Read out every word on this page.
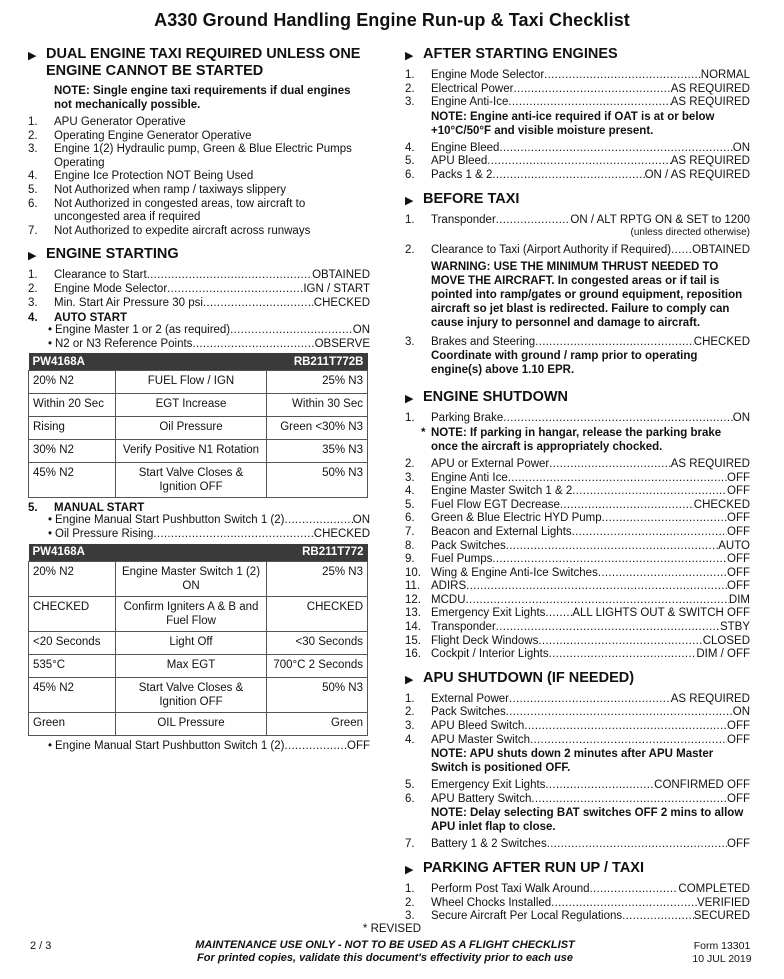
A330 Ground Handling Engine Run-up & Taxi Checklist
▶ DUAL ENGINE TAXI REQUIRED UNLESS ONE ENGINE CANNOT BE STARTED
NOTE: Single engine taxi requirements if dual engines not mechanically possible.
1.	APU Generator Operative
2.	Operating Engine Generator Operative
3.	Engine 1(2) Hydraulic pump, Green & Blue Electric Pumps Operating
4.	Engine Ice Protection NOT Being Used
5.	Not Authorized when ramp / taxiways slippery
6.	Not Authorized in congested areas, tow aircraft to uncongested area if required
7.	Not Authorized to expedite aircraft across runways
▶ ENGINE STARTING
1.	Clearance to Start .....	OBTAINED
2.	Engine Mode Selector .....	IGN / START
3.	Min. Start Air Pressure 30 psi .....	CHECKED
4.	AUTO START
• Engine Master 1 or 2 (as required) .....	ON
• N2 or N3 Reference Points .....	OBSERVE
PW4168A		RB211T772B
20% N2	FUEL Flow / IGN	25% N3
Within 20 Sec	EGT Increase	Within 30 Sec
Rising	Oil Pressure	Green <30% N3
30% N2	Verify Positive N1 Rotation	35% N3
45% N2	Start Valve Closes & Ignition OFF	50% N3
5.	MANUAL START
• Engine Manual Start Pushbutton Switch 1 (2) .....	ON
• Oil Pressure Rising .....	CHECKED
PW4168A		RB211T772
20% N2	Engine Master Switch 1 (2) ON	25% N3
CHECKED	Confirm Igniters A & B and Fuel Flow	CHECKED
<20 Seconds	Light Off	<30 Seconds
535°C	Max EGT	700°C 2 Seconds
45% N2	Start Valve Closes & Ignition OFF	50% N3
Green	OIL Pressure	Green
• Engine Manual Start Pushbutton Switch 1 (2) .....	OFF
▶ AFTER STARTING ENGINES
1.	Engine Mode Selector .....	NORMAL
2.	Electrical Power .....	AS REQUIRED
3.	Engine Anti-Ice .....	AS REQUIRED
NOTE: Engine anti-ice required if OAT is at or below +10°C/50°F and visible moisture present.
4.	Engine Bleed .....	ON
5.	APU Bleed .....	AS REQUIRED
6.	Packs 1 & 2 .....	ON / AS REQUIRED
▶ BEFORE TAXI
1.	Transponder .....	ON / ALT RPTG ON & SET to 1200
(unless directed otherwise)
2.	Clearance to Taxi (Airport Authority if Required) ..... OBTAINED
WARNING: USE THE MINIMUM THRUST NEEDED TO MOVE THE AIRCRAFT. In congested areas or if tail is pointed into ramp/gates or ground equipment, reposition aircraft so jet blast is redirected. Failure to comply can cause injury to personnel and damage to aircraft.
3.	Brakes and Steering .....	CHECKED
Coordinate with ground / ramp prior to operating engine(s) above 1.10 EPR.
▶ ENGINE SHUTDOWN
1.	Parking Brake .....	ON
* NOTE: If parking in hangar, release the parking brake once the aircraft is appropriately chocked.
2.	APU or External Power .....	AS REQUIRED
3.	Engine Anti Ice .....	OFF
4.	Engine Master Switch 1 & 2 .....	OFF
5.	Fuel Flow EGT Decrease .....	CHECKED
6.	Green & Blue Electric HYD Pump .....	OFF
7.	Beacon and External Lights .....	OFF
8.	Pack Switches .....	AUTO
9.	Fuel Pumps .....	OFF
10. Wing & Engine Anti-Ice Switches .....	OFF
11. ADIRS .....	OFF
12. MCDU .....	DIM
13. Emergency Exit Lights ..... ALL LIGHTS OUT & SWITCH OFF
14. Transponder .....	STBY
15. Flight Deck Windows .....	CLOSED
16. Cockpit / Interior Lights .....	DIM / OFF
▶ APU SHUTDOWN (IF NEEDED)
1.	External Power .....	AS REQUIRED
2.	Pack Switches .....	ON
3.	APU Bleed Switch .....	OFF
4.	APU Master Switch .....	OFF
NOTE: APU shuts down 2 minutes after APU Master Switch is positioned OFF.
5.	Emergency Exit Lights .....	CONFIRMED OFF
6.	APU Battery Switch .....	OFF
NOTE: Delay selecting BAT switches OFF 2 mins to allow APU inlet flap to close.
7.	Battery 1 & 2 Switches .....	OFF
▶ PARKING AFTER RUN UP / TAXI
1.	Perform Post Taxi Walk Around .....	COMPLETED
2.	Wheel Chocks Installed .....	VERIFIED
3.	Secure Aircraft Per Local Regulations .....	SECURED
* REVISED
2 / 3	MAINTENANCE USE ONLY - NOT TO BE USED AS A FLIGHT CHECKLIST
For printed copies, validate this document's effectivity prior to each use
Form 13301
10 JUL 2019
